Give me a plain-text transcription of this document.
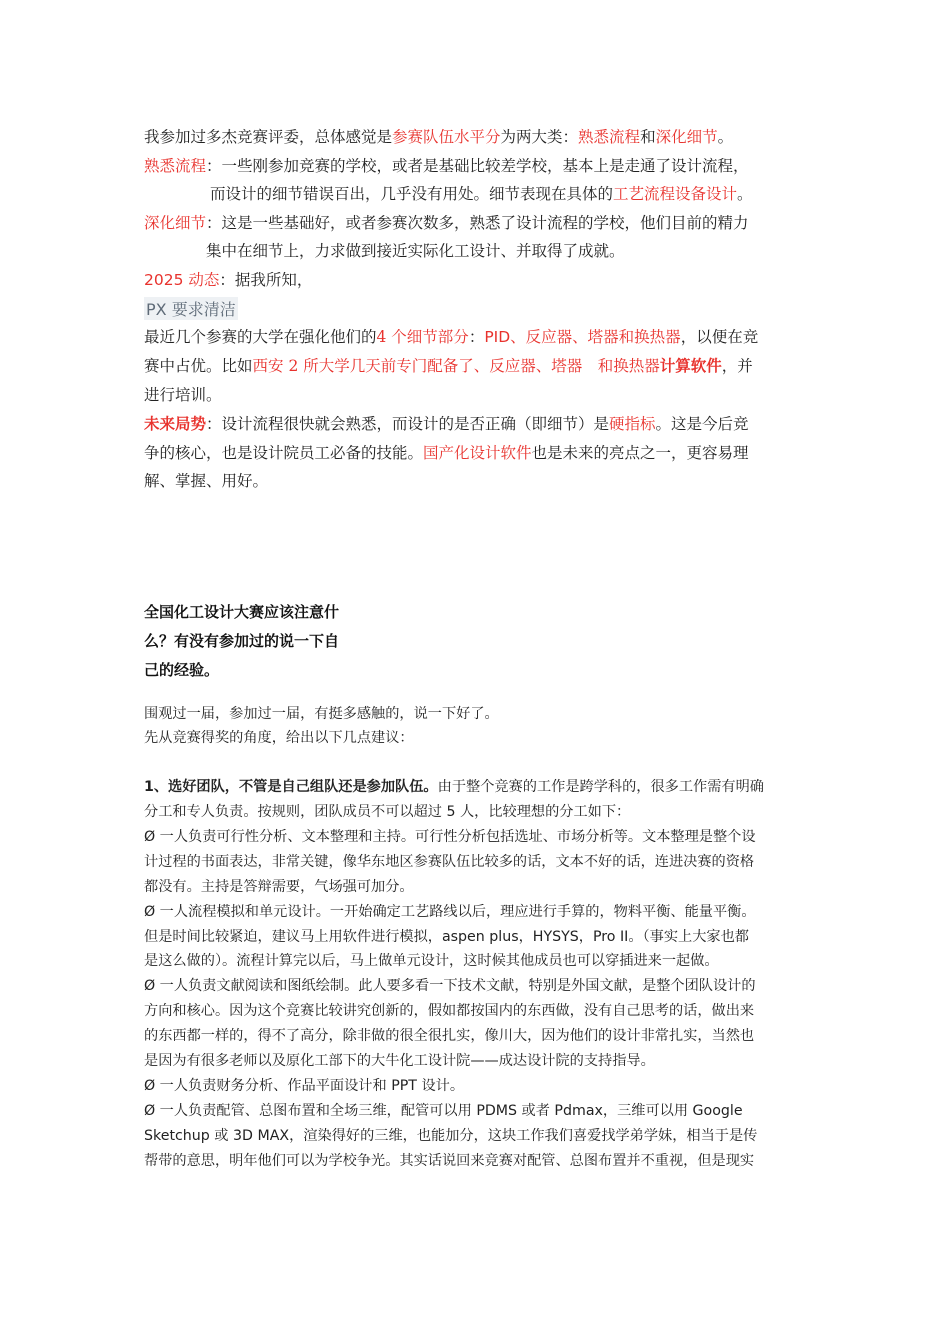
我参加过多杰竞赛评委，总体感觉是参赛队伍水平分为两大类：熟悉流程和深化细节。
熟悉流程：一些刚参加竞赛的学校，或者是基础比较差学校，基本上是走通了设计流程，
而设计的细节错误百出，几乎没有用处。细节表现在具体的工艺流程设备设计。
深化细节：这是一些基础好，或者参赛次数多，熟悉了设计流程的学校，他们目前的精力
集中在细节上，力求做到接近实际化工设计、并取得了成就。
2025 动态：据我所知，
PX 要求清洁
最近几个参赛的大学在强化他们的4 个细节部分：PID、反应器、塔器和换热器，以便在竞
赛中占优。比如西安 2 所大学几天前专门配备了、反应器、塔器　和换热器计算软件，并
进行培训。
未来局势：设计流程很快就会熟悉，而设计的是否正确（即细节）是硬指标。这是今后竞
争的核心，也是设计院员工必备的技能。国产化设计软件也是未来的亮点之一，更容易理
解、掌握、用好。
全国化工设计大赛应该注意什
么？有没有参加过的说一下自
己的经验。
围观过一届，参加过一届，有挺多感触的，说一下好了。
先从竞赛得奖的角度，给出以下几点建议：
1、选好团队，不管是自己组队还是参加队伍。由于整个竞赛的工作是跨学科的，很多工作需有明确
分工和专人负责。按规则，团队成员不可以超过 5 人，比较理想的分工如下：
Ø 一人负责可行性分析、文本整理和主持。可行性分析包括选址、市场分析等。文本整理是整个设
计过程的书面表达，非常关键，像华东地区参赛队伍比较多的话，文本不好的话，连进决赛的资格
都没有。主持是答辩需要，气场强可加分。
Ø 一人流程模拟和单元设计。一开始确定工艺路线以后，理应进行手算的，物料平衡、能量平衡。
但是时间比较紧迫，建议马上用软件进行模拟，aspen plus，HYSYS，Pro II。（事实上大家也都
是这么做的）。流程计算完以后，马上做单元设计，这时候其他成员也可以穿插进来一起做。
Ø 一人负责文献阅读和图纸绘制。此人要多看一下技术文献，特别是外国文献，是整个团队设计的
方向和核心。因为这个竞赛比较讲究创新的，假如都按国内的东西做，没有自己思考的话，做出来
的东西都一样的，得不了高分，除非做的很全很扎实，像川大，因为他们的设计非常扎实，当然也
是因为有很多老师以及原化工部下的大牛化工设计院——成达设计院的支持指导。
Ø 一人负责财务分析、作品平面设计和 PPT 设计。
Ø 一人负责配管、总图布置和全场三维，配管可以用 PDMS 或者 Pdmax，三维可以用 Google
Sketchup 或 3D MAX，渲染得好的三维，也能加分，这块工作我们喜爱找学弟学妹，相当于是传
帮带的意思，明年他们可以为学校争光。其实话说回来竞赛对配管、总图布置并不重视，但是现实
